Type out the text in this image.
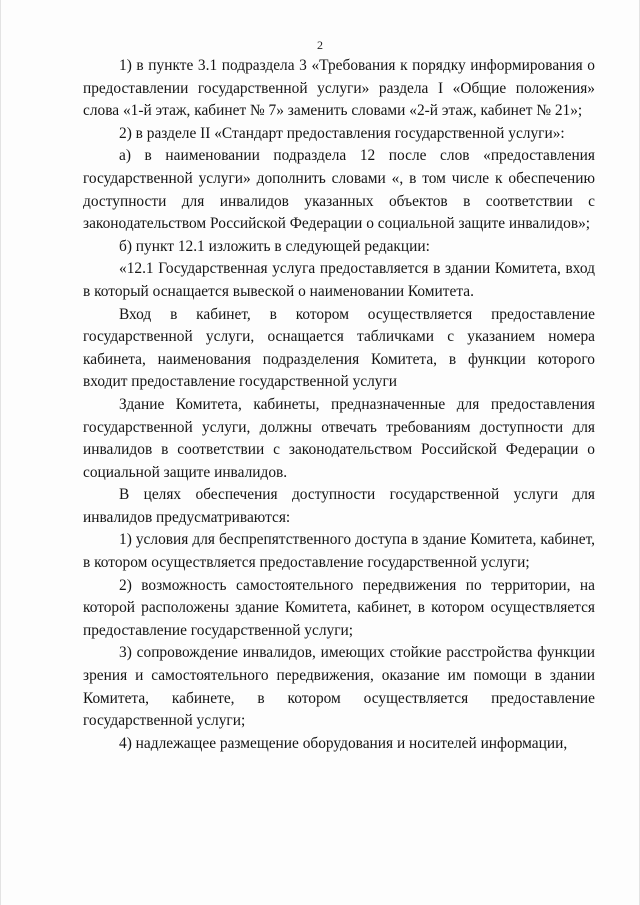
2

1) в пункте 3.1 подраздела 3 «Требования к порядку информирования о предоставлении государственной услуги» раздела I «Общие положения» слова «1-й этаж, кабинет № 7» заменить словами «2-й этаж, кабинет № 21»;

2) в разделе II «Стандарт предоставления государственной услуги»:

а) в наименовании подраздела 12 после слов «предоставления государственной услуги» дополнить словами «, в том числе к обеспечению доступности для инвалидов указанных объектов в соответствии с законодательством Российской Федерации о социальной защите инвалидов»;

б) пункт 12.1 изложить в следующей редакции:

«12.1 Государственная услуга предоставляется в здании Комитета, вход в который оснащается вывеской о наименовании Комитета.

Вход в кабинет, в котором осуществляется предоставление государственной услуги, оснащается табличками с указанием номера кабинета, наименования подразделения Комитета, в функции которого входит предоставление государственной услуги

Здание Комитета, кабинеты, предназначенные для предоставления государственной услуги, должны отвечать требованиям доступности для инвалидов в соответствии с законодательством Российской Федерации о социальной защите инвалидов.

В целях обеспечения доступности государственной услуги для инвалидов предусматриваются:

1) условия для беспрепятственного доступа в здание Комитета, кабинет, в котором осуществляется предоставление государственной услуги;

2) возможность самостоятельного передвижения по территории, на которой расположены здание Комитета, кабинет, в котором осуществляется предоставление государственной услуги;

3) сопровождение инвалидов, имеющих стойкие расстройства функции зрения и самостоятельного передвижения, оказание им помощи в здании Комитета, кабинете, в котором осуществляется предоставление государственной услуги;

4) надлежащее размещение оборудования и носителей информации,
